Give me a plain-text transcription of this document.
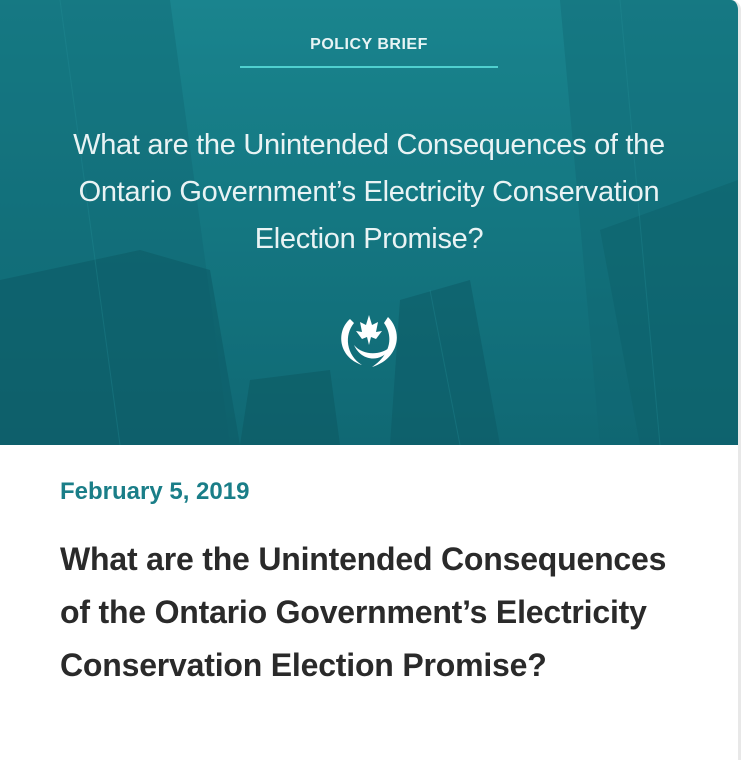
POLICY BRIEF
What are the Unintended Consequences of the Ontario Government’s Electricity Conservation Election Promise?
February 5, 2019
What are the Unintended Consequences of the Ontario Government’s Electricity Conservation Election Promise?
